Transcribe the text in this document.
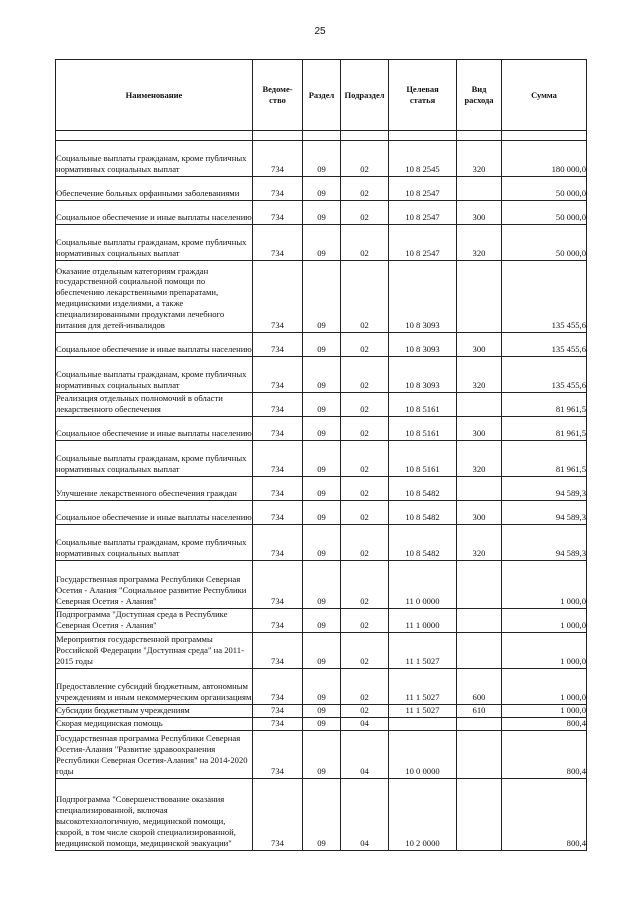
25
Наименование	Ведоме-
ство	Раздел	Подраздел	Целевая
статья	Вид
расхода	Сумма

Социальные выплаты гражданам, кроме публичных нормативных социальных выплат	734	09	02	10 8 2545	320	180 000,0
Обеспечение больных орфанными заболеваниями	734	09	02	10 8 2547		50 000,0
Социальное обеспечение и иные выплаты населению	734	09	02	10 8 2547	300	50 000,0
Социальные выплаты гражданам, кроме публичных нормативных социальных выплат	734	09	02	10 8 2547	320	50 000,0
Оказание отдельным категориям граждан государственной социальной помощи по обеспечению лекарственными препаратами, медицинскими изделиями, а также специализированными продуктами лечебного питания для детей-инвалидов	734	09	02	10 8 3093		135 455,6
Социальное обеспечение и иные выплаты населению	734	09	02	10 8 3093	300	135 455,6
Социальные выплаты гражданам, кроме публичных нормативных социальных выплат	734	09	02	10 8 3093	320	135 455,6
Реализация отдельных полномочий в области лекарственного обеспечения	734	09	02	10 8 5161		81 961,5
Социальное обеспечение и иные выплаты населению	734	09	02	10 8 5161	300	81 961,5
Социальные выплаты гражданам, кроме публичных нормативных социальных выплат	734	09	02	10 8 5161	320	81 961,5
Улучшение лекарственного обеспечения граждан	734	09	02	10 8 5482		94 589,3
Социальное обеспечение и иные выплаты населению	734	09	02	10 8 5482	300	94 589,3
Социальные выплаты гражданам, кроме публичных нормативных социальных выплат	734	09	02	10 8 5482	320	94 589,3
Государственная программа Республики Северная Осетия - Алания "Социальное развитие Республики Северная Осетия - Алания"	734	09	02	11 0 0000		1 000,0
Подпрограмма "Доступная среда в Республике Северная Осетия - Алания"	734	09	02	11 1 0000		1 000,0
Мероприятия государственной программы Российской Федерации "Доступная среда" на 2011-2015 годы	734	09	02	11 1 5027		1 000,0
Предоставление субсидий бюджетным, автономным учреждениям и иным некоммерческим организациям	734	09	02	11 1 5027	600	1 000,0
Субсидии бюджетным учреждениям	734	09	02	11 1 5027	610	1 000,0
Скорая медицинская помощь	734	09	04			800,4
Государственная программа Республики Северная Осетия-Алания "Развитие здравоохранения Республики Северная Осетия-Алания" на 2014-2020 годы	734	09	04	10 0 0000		800,4
Подпрограмма "Совершенствование оказания специализированной, включая высокотехнологичную, медицинской помощи, скорой, в том числе скорой специализированной, медицинской помощи, медицинской эвакуации"	734	09	04	10 2 0000		800,4
